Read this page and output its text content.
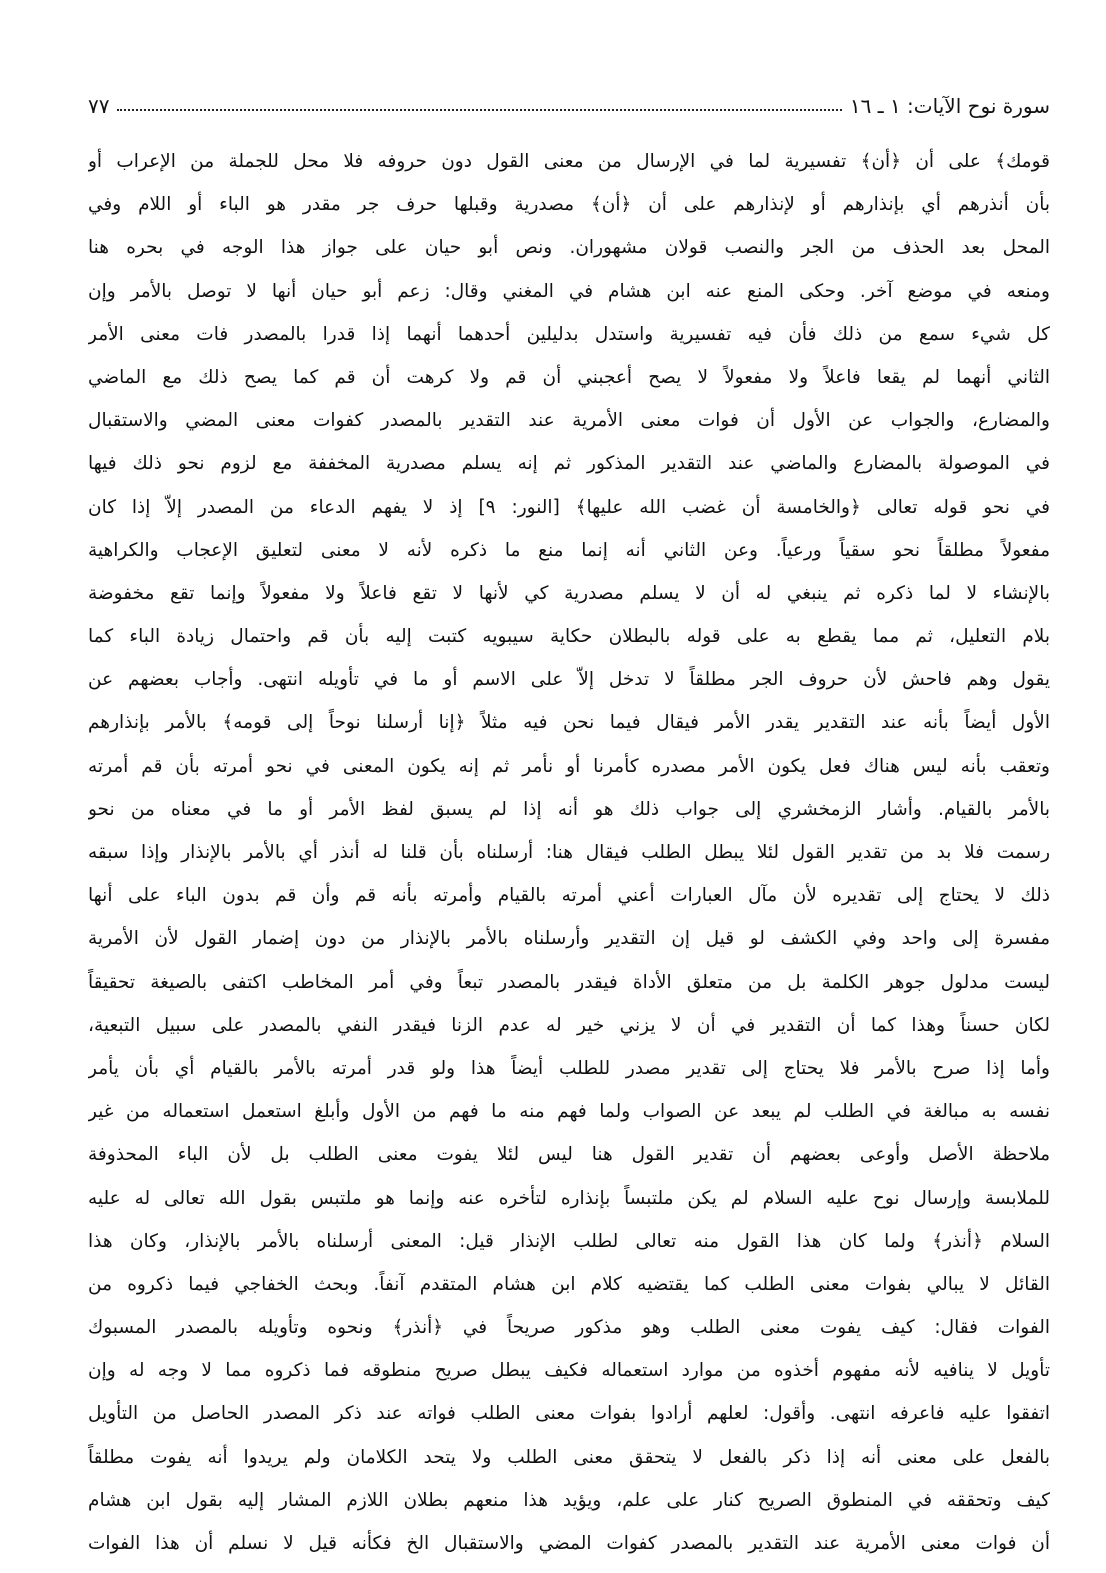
سورة نوح الآيات: ١ ـ ١٦
٧٧
قومك﴾ على أن ﴿أن﴾ تفسيرية لما في الإرسال من معنى القول دون حروفه فلا محل للجملة من الإعراب أو
بأن أنذرهم أي بإنذارهم أو لإنذارهم على أن ﴿أن﴾ مصدرية وقبلها حرف جر مقدر هو الباء أو اللام وفي
المحل بعد الحذف من الجر والنصب قولان مشهوران. ونص أبو حيان على جواز هذا الوجه في بحره هنا
ومنعه في موضع آخر. وحكى المنع عنه ابن هشام في المغني وقال: زعم أبو حيان أنها لا توصل بالأمر وإن
كل شيء سمع من ذلك فأن فيه تفسيرية واستدل بدليلين أحدهما أنهما إذا قدرا بالمصدر فات معنى الأمر
الثاني أنهما لم يقعا فاعلاً ولا مفعولاً لا يصح أعجبني أن قم ولا كرهت أن قم كما يصح ذلك مع الماضي
والمضارع، والجواب عن الأول أن فوات معنى الأمرية عند التقدير بالمصدر كفوات معنى المضي والاستقبال
في الموصولة بالمضارع والماضي عند التقدير المذكور ثم إنه يسلم مصدرية المخففة مع لزوم نحو ذلك فيها
في نحو قوله تعالى ﴿والخامسة أن غضب الله عليها﴾ [النور: ٩] إذ لا يفهم الدعاء من المصدر إلاّ إذا كان
مفعولاً مطلقاً نحو سقياً ورعياً. وعن الثاني أنه إنما منع ما ذكره لأنه لا معنى لتعليق الإعجاب والكراهية
بالإنشاء لا لما ذكره ثم ينبغي له أن لا يسلم مصدرية كي لأنها لا تقع فاعلاً ولا مفعولاً وإنما تقع مخفوضة
بلام التعليل، ثم مما يقطع به على قوله بالبطلان حكاية سيبويه كتبت إليه بأن قم واحتمال زيادة الباء كما
يقول وهم فاحش لأن حروف الجر مطلقاً لا تدخل إلاّ على الاسم أو ما في تأويله انتهى. وأجاب بعضهم عن
الأول أيضاً بأنه عند التقدير يقدر الأمر فيقال فيما نحن فيه مثلاً ﴿إنا أرسلنا نوحاً إلى قومه﴾ بالأمر بإنذارهم
وتعقب بأنه ليس هناك فعل يكون الأمر مصدره كأمرنا أو نأمر ثم إنه يكون المعنى في نحو أمرته بأن قم أمرته
بالأمر بالقيام. وأشار الزمخشري إلى جواب ذلك هو أنه إذا لم يسبق لفظ الأمر أو ما في معناه من نحو
رسمت فلا بد من تقدير القول لئلا يبطل الطلب فيقال هنا: أرسلناه بأن قلنا له أنذر أي بالأمر بالإنذار وإذا سبقه
ذلك لا يحتاج إلى تقديره لأن مآل العبارات أعني أمرته بالقيام وأمرته بأنه قم وأن قم بدون الباء على أنها
مفسرة إلى واحد وفي الكشف لو قيل إن التقدير وأرسلناه بالأمر بالإنذار من دون إضمار القول لأن الأمرية
ليست مدلول جوهر الكلمة بل من متعلق الأداة فيقدر بالمصدر تبعاً وفي أمر المخاطب اكتفى بالصيغة تحقيقاً
لكان حسناً وهذا كما أن التقدير في أن لا يزني خير له عدم الزنا فيقدر النفي بالمصدر على سبيل التبعية،
وأما إذا صرح بالأمر فلا يحتاج إلى تقدير مصدر للطلب أيضاً هذا ولو قدر أمرته بالأمر بالقيام أي بأن يأمر
نفسه به مبالغة في الطلب لم يبعد عن الصواب ولما فهم منه ما فهم من الأول وأبلغ استعمل استعماله من غير
ملاحظة الأصل وأوعى بعضهم أن تقدير القول هنا ليس لئلا يفوت معنى الطلب بل لأن الباء المحذوفة
للملابسة وإرسال نوح عليه السلام لم يكن ملتبساً بإنذاره لتأخره عنه وإنما هو ملتبس بقول الله تعالى له عليه
السلام ﴿أنذر﴾ ولما كان هذا القول منه تعالى لطلب الإنذار قيل: المعنى أرسلناه بالأمر بالإنذار، وكان هذا
القائل لا يبالي بفوات معنى الطلب كما يقتضيه كلام ابن هشام المتقدم آنفاً. وبحث الخفاجي فيما ذكروه من
الفوات فقال: كيف يفوت معنى الطلب وهو مذكور صريحاً في ﴿أنذر﴾ ونحوه وتأويله بالمصدر المسبوك
تأويل لا ينافيه لأنه مفهوم أخذوه من موارد استعماله فكيف يبطل صريح منطوقه فما ذكروه مما لا وجه له وإن
اتفقوا عليه فاعرفه انتهى. وأقول: لعلهم أرادوا بفوات معنى الطلب فواته عند ذكر المصدر الحاصل من التأويل
بالفعل على معنى أنه إذا ذكر بالفعل لا يتحقق معنى الطلب ولا يتحد الكلامان ولم يريدوا أنه يفوت مطلقاً
كيف وتحققه في المنطوق الصريح كنار على علم، ويؤيد هذا منعهم بطلان اللازم المشار إليه بقول ابن هشام
أن فوات معنى الأمرية عند التقدير بالمصدر كفوات المضي والاستقبال الخ فكأنه قيل لا نسلم أن هذا الفوات
